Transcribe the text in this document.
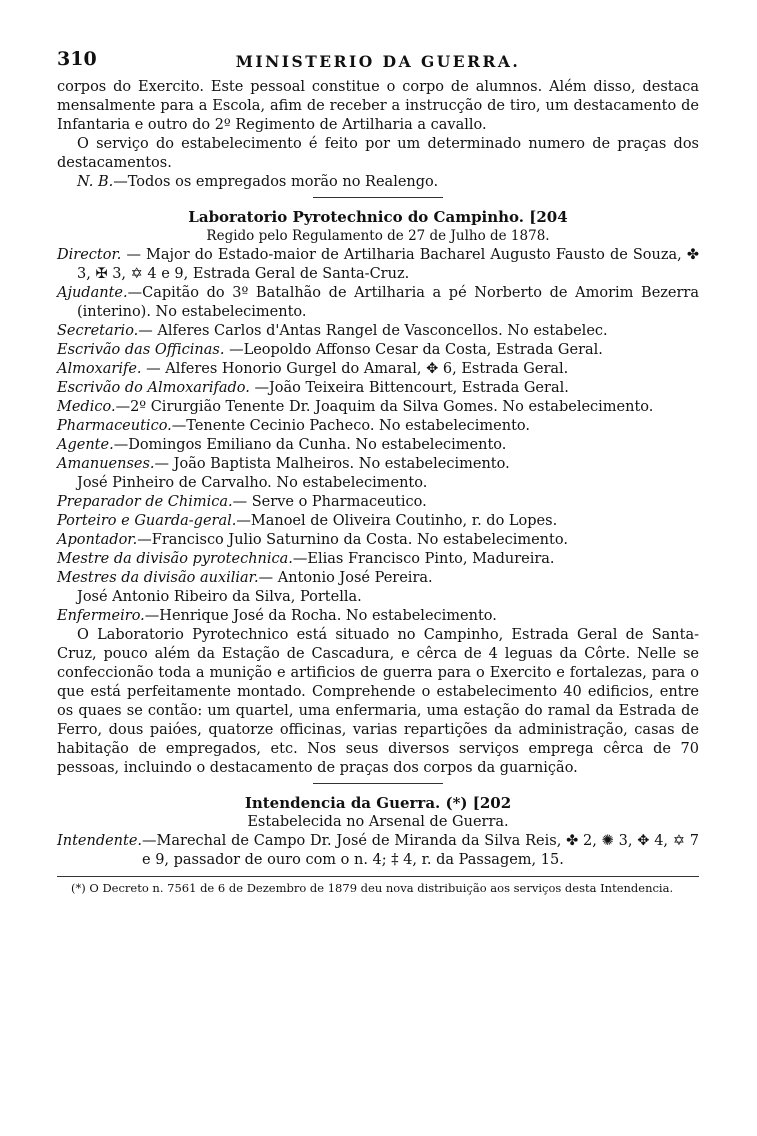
310	MINISTERIO DA GUERRA.

corpos do Exercito. Este pessoal constitue o corpo de alumnos. Além disso, destaca mensalmente para a Escola, afim de receber a instrucção de tiro, um destacamento de Infantaria e outro do 2º Regimento de Artilharia a cavallo.

O serviço do estabelecimento é feito por um determinado numero de praças dos destacamentos.

N. B.—Todos os empregados morão no Realengo.

Laboratorio Pyrotechnico do Campinho. [204
Regido pelo Regulamento de 27 de Julho de 1878.

Director. — Major do Estado-maior de Artilharia Bacharel Augusto Fausto de Souza, ✤ 3, ✠ 3, ✡ 4 e 9, Estrada Geral de Santa-Cruz.

Ajudante.—Capitão do 3º Batalhão de Artilharia a pé Norberto de Amorim Bezerra (interino). No estabelecimento.

Secretario.— Alferes Carlos d'Antas Rangel de Vasconcellos. No estabelec.

Escrivão das Officinas. —Leopoldo Affonso Cesar da Costa, Estrada Geral.

Almoxarife. — Alferes Honorio Gurgel do Amaral, ✥ 6, Estrada Geral.

Escrivão do Almoxarifado. —João Teixeira Bittencourt, Estrada Geral.

Medico.—2º Cirurgião Tenente Dr. Joaquim da Silva Gomes. No estabelecimento.

Pharmaceutico.—Tenente Cecinio Pacheco. No estabelecimento.

Agente.—Domingos Emiliano da Cunha. No estabelecimento.

Amanuenses.— João Baptista Malheiros. No estabelecimento.

José Pinheiro de Carvalho. No estabelecimento.

Preparador de Chimica.— Serve o Pharmaceutico.

Porteiro e Guarda-geral.—Manoel de Oliveira Coutinho, r. do Lopes.

Apontador.—Francisco Julio Saturnino da Costa. No estabelecimento.

Mestre da divisão pyrotechnica.—Elias Francisco Pinto, Madureira.

Mestres da divisão auxiliar.— Antonio José Pereira.

José Antonio Ribeiro da Silva, Portella.

Enfermeiro.—Henrique José da Rocha. No estabelecimento.

O Laboratorio Pyrotechnico está situado no Campinho, Estrada Geral de Santa-Cruz, pouco além da Estação de Cascadura, e cêrca de 4 leguas da Côrte. Nelle se confeccionão toda a munição e artificios de guerra para o Exercito e fortalezas, para o que está perfeitamente montado. Comprehende o estabelecimento 40 edificios, entre os quaes se contão: um quartel, uma enfermaria, uma estação do ramal da Estrada de Ferro, dous paióes, quatorze officinas, varias repartições da administração, casas de habitação de empregados, etc. Nos seus diversos serviços emprega cêrca de 70 pessoas, incluindo o destacamento de praças dos corpos da guarnição.

Intendencia da Guerra. (*) [202
Estabelecida no Arsenal de Guerra.

Intendente.—Marechal de Campo Dr. José de Miranda da Silva Reis, ✤ 2, ✺ 3, ✥ 4, ✡ 7 e 9, passador de ouro com o n. 4; ‡ 4, r. da Passagem, 15.

(*) O Decreto n. 7561 de 6 de Dezembro de 1879 deu nova distribuição aos serviços desta Intendencia.
